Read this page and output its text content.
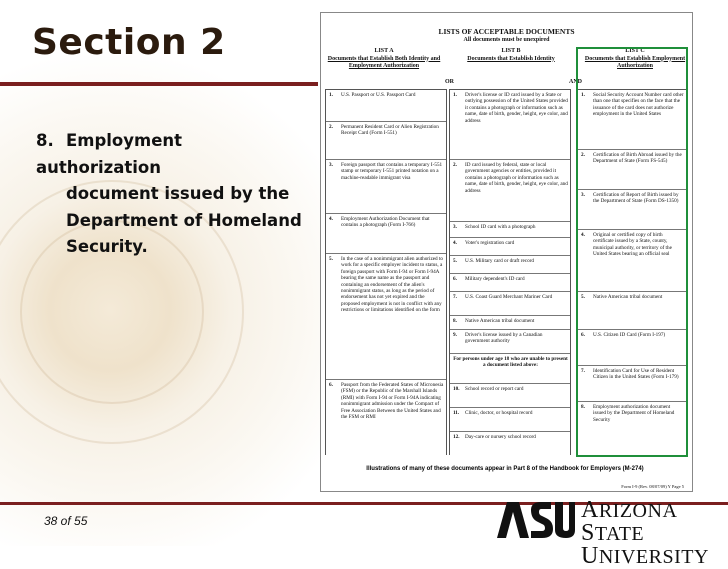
Section 2
8. Employment authorization
document issued by the
Department of Homeland
Security.
LISTS OF ACCEPTABLE DOCUMENTS
All documents must be unexpired
LIST A
Documents that Establish Both Identity and Employment Authorization
OR
LIST B
Documents that Establish Identity
AND
LIST C
Documents that Establish Employment Authorization
1. U.S. Passport or U.S. Passport Card
2. Permanent Resident Card or Alien Registration Receipt Card (Form I-551)
3. Foreign passport that contains a temporary I-551 stamp or temporary I-551 printed notation on a machine-readable immigrant visa
4. Employment Authorization Document that contains a photograph (Form I-766)
5. In the case of a nonimmigrant alien authorized to work for a specific employer incident to status, a foreign passport with Form I-94 or Form I-94A bearing the same name as the passport and containing an endorsement of the alien's nonimmigrant status, as long as the period of endorsement has not yet expired and the proposed employment is not in conflict with any restrictions or limitations identified on the form
6. Passport from the Federated States of Micronesia (FSM) or the Republic of the Marshall Islands (RMI) with Form I-94 or Form I-94A indicating nonimmigrant admission under the Compact of Free Association Between the United States and the FSM or RMI
1. Driver's license or ID card issued by a State or outlying possession of the United States provided it contains a photograph or information such as name, date of birth, gender, height, eye color, and address
2. ID card issued by federal, state or local government agencies or entities, provided it contains a photograph or information such as name, date of birth, gender, height, eye color, and address
3. School ID card with a photograph
4. Voter's registration card
5. U.S. Military card or draft record
6. Military dependent's ID card
7. U.S. Coast Guard Merchant Mariner Card
8. Native American tribal document
9. Driver's license issued by a Canadian government authority
For persons under age 18 who are unable to present a document listed above:
10. School record or report card
11. Clinic, doctor, or hospital record
12. Day-care or nursery school record
1. Social Security Account Number card other than one that specifies on the face that the issuance of the card does not authorize employment in the United States
2. Certification of Birth Abroad issued by the Department of State (Form FS-545)
3. Certification of Report of Birth issued by the Department of State (Form DS-1350)
4. Original or certified copy of birth certificate issued by a State, county, municipal authority, or territory of the United States bearing an official seal
5. Native American tribal document
6. U.S. Citizen ID Card (Form I-197)
7. Identification Card for Use of Resident Citizen in the United States (Form I-179)
8. Employment authorization document issued by the Department of Homeland Security
Form I-9 (Rev. 08/07/09) Y Page 5
Illustrations of many of these documents appear in Part 8 of the Handbook for Employers (M-274)
38 of 55	ARIZONA STATE
UNIVERSITY
